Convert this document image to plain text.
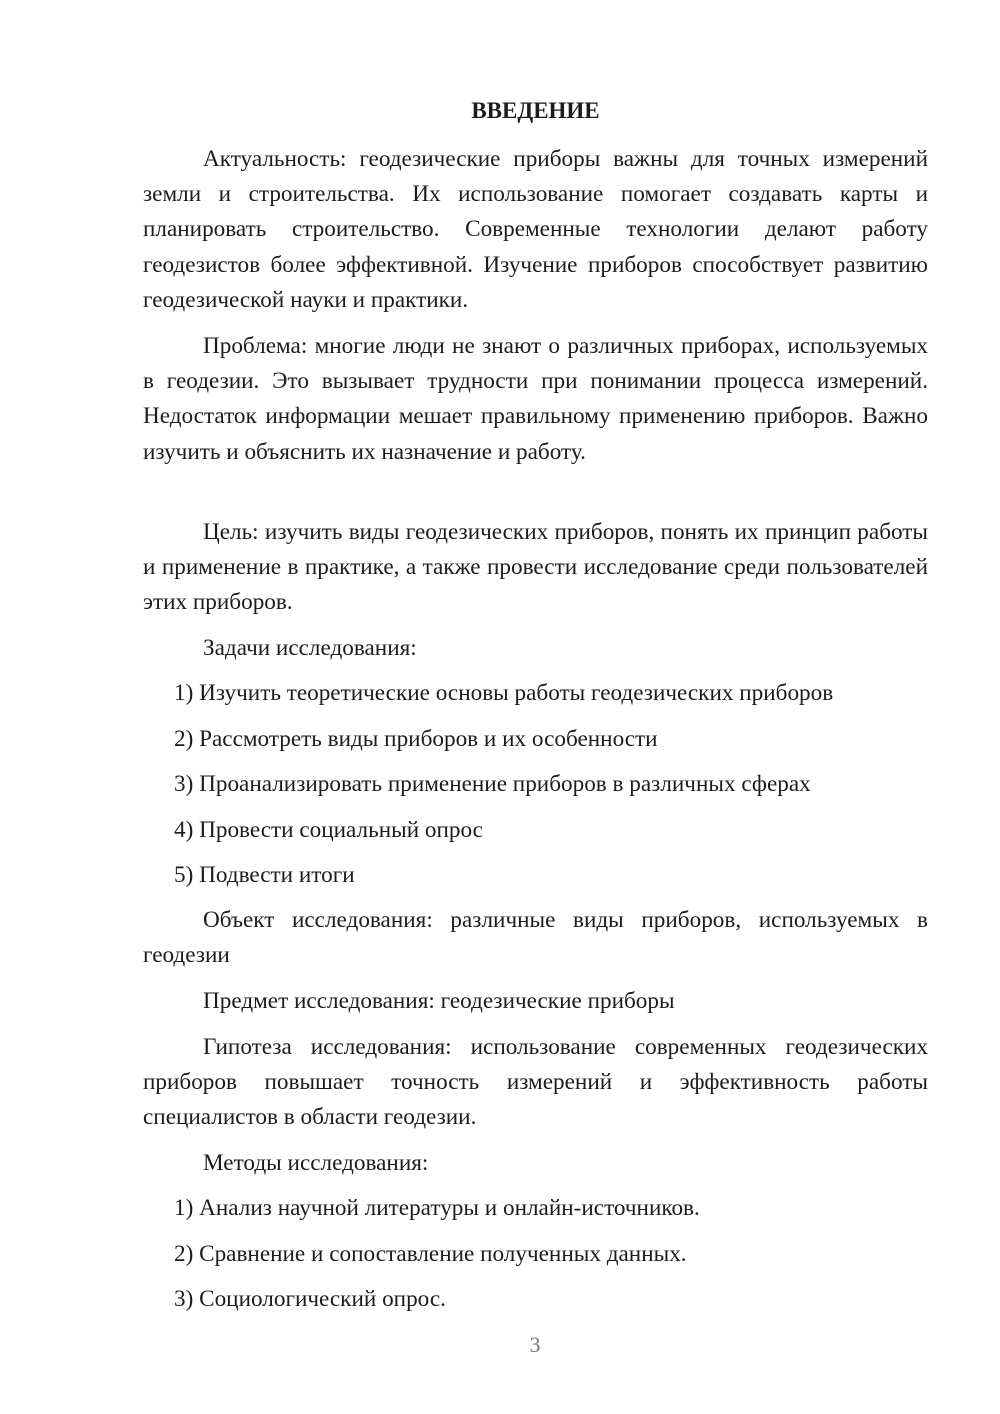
ВВЕДЕНИЕ

Актуальность: геодезические приборы важны для точных измерений земли и строительства. Их использование помогает создавать карты и планировать строительство. Современные технологии делают работу геодезистов более эффективной. Изучение приборов способствует развитию геодезической науки и практики.

Проблема: многие люди не знают о различных приборах, используемых в геодезии. Это вызывает трудности при понимании процесса измерений. Недостаток информации мешает правильному применению приборов. Важно изучить и объяснить их назначение и работу.

Цель: изучить виды геодезических приборов, понять их принцип работы и применение в практике, а также провести исследование среди пользователей этих приборов.

Задачи исследования:
1) Изучить теоретические основы работы геодезических приборов
2) Рассмотреть виды приборов и их особенности
3) Проанализировать применение приборов в различных сферах
4) Провести социальный опрос
5) Подвести итоги

Объект исследования: различные виды приборов, используемых в геодезии

Предмет исследования: геодезические приборы

Гипотеза исследования: использование современных геодезических приборов повышает точность измерений и эффективность работы специалистов в области геодезии.

Методы исследования:
1) Анализ научной литературы и онлайн-источников.
2) Сравнение и сопоставление полученных данных.
3) Социологический опрос.
3
